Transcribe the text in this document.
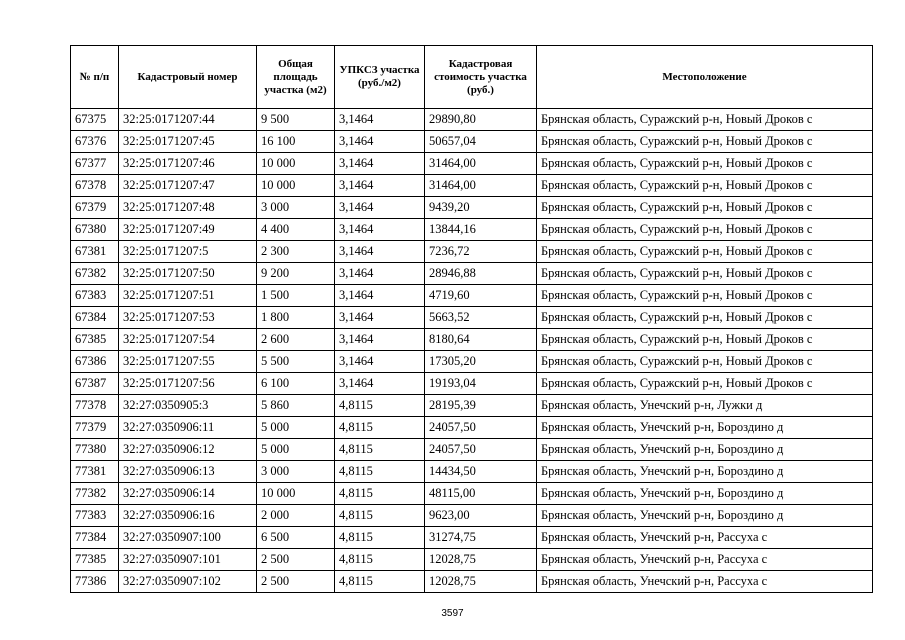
№ п/п	Кадастровый номер	Общая площадь участка (м2)	УПКСЗ участка (руб./м2)	Кадастровая стоимость участка (руб.)	Местоположение
67375	32:25:0171207:44	9 500	3,1464	29890,80	Брянская область, Суражский р-н, Новый Дроков с
67376	32:25:0171207:45	16 100	3,1464	50657,04	Брянская область, Суражский р-н, Новый Дроков с
67377	32:25:0171207:46	10 000	3,1464	31464,00	Брянская область, Суражский р-н, Новый Дроков с
67378	32:25:0171207:47	10 000	3,1464	31464,00	Брянская область, Суражский р-н, Новый Дроков с
67379	32:25:0171207:48	3 000	3,1464	9439,20	Брянская область, Суражский р-н, Новый Дроков с
67380	32:25:0171207:49	4 400	3,1464	13844,16	Брянская область, Суражский р-н, Новый Дроков с
67381	32:25:0171207:5	2 300	3,1464	7236,72	Брянская область, Суражский р-н, Новый Дроков с
67382	32:25:0171207:50	9 200	3,1464	28946,88	Брянская область, Суражский р-н, Новый Дроков с
67383	32:25:0171207:51	1 500	3,1464	4719,60	Брянская область, Суражский р-н, Новый Дроков с
67384	32:25:0171207:53	1 800	3,1464	5663,52	Брянская область, Суражский р-н, Новый Дроков с
67385	32:25:0171207:54	2 600	3,1464	8180,64	Брянская область, Суражский р-н, Новый Дроков с
67386	32:25:0171207:55	5 500	3,1464	17305,20	Брянская область, Суражский р-н, Новый Дроков с
67387	32:25:0171207:56	6 100	3,1464	19193,04	Брянская область, Суражский р-н, Новый Дроков с
77378	32:27:0350905:3	5 860	4,8115	28195,39	Брянская область, Унечский р-н, Лужки д
77379	32:27:0350906:11	5 000	4,8115	24057,50	Брянская область, Унечский р-н, Бороздино д
77380	32:27:0350906:12	5 000	4,8115	24057,50	Брянская область, Унечский р-н, Бороздино д
77381	32:27:0350906:13	3 000	4,8115	14434,50	Брянская область, Унечский р-н, Бороздино д
77382	32:27:0350906:14	10 000	4,8115	48115,00	Брянская область, Унечский р-н, Бороздино д
77383	32:27:0350906:16	2 000	4,8115	9623,00	Брянская область, Унечский р-н, Бороздино д
77384	32:27:0350907:100	6 500	4,8115	31274,75	Брянская область, Унечский р-н, Рассуха с
77385	32:27:0350907:101	2 500	4,8115	12028,75	Брянская область, Унечский р-н, Рассуха с
77386	32:27:0350907:102	2 500	4,8115	12028,75	Брянская область, Унечский р-н, Рассуха с
3597
